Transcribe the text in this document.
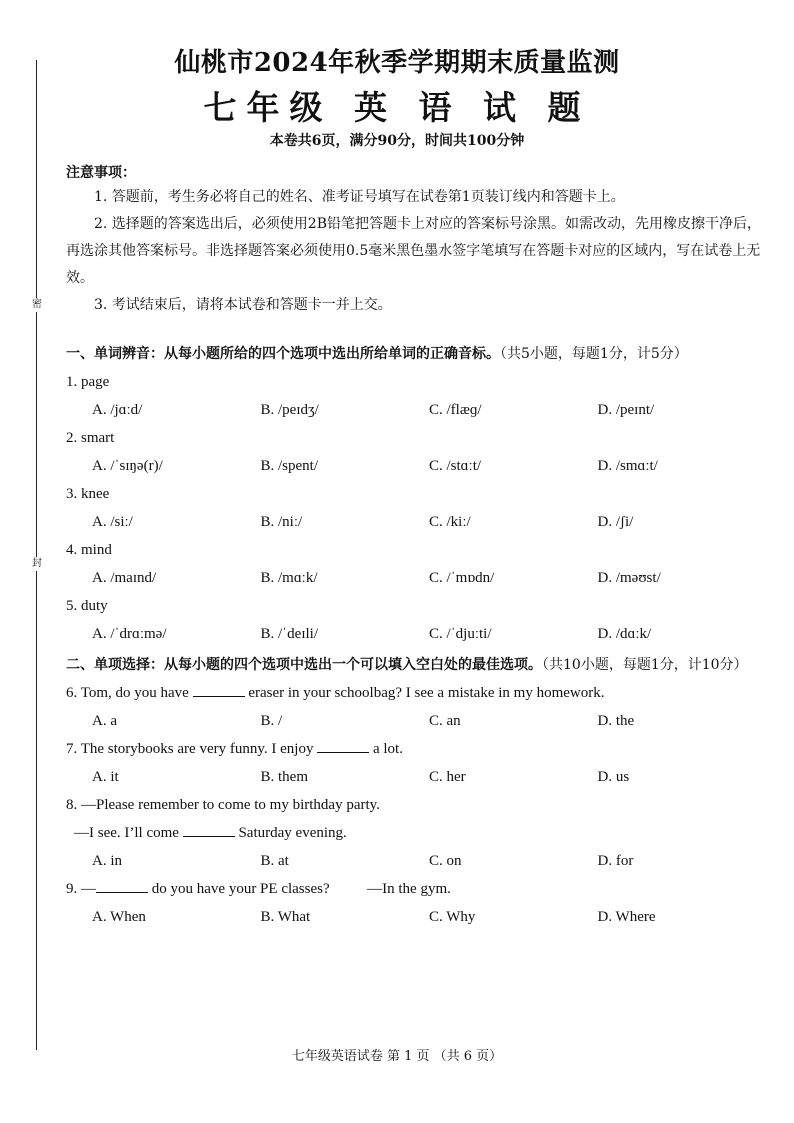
密
封
仙桃市2024年秋季学期期末质量监测
七年级 英 语 试 题
本卷共6页，满分90分，时间共100分钟
注意事项：

1. 答题前，考生务必将自己的姓名、准考证号填写在试卷第1页装订线内和答题卡上。

2. 选择题的答案选出后，必须使用2B铅笔把答题卡上对应的答案标号涂黑。如需改动，先用橡皮擦干净后，再选涂其他答案标号。非选择题答案必须使用0.5毫米黑色墨水签字笔填写在答题卡对应的区域内，写在试卷上无效。

3. 考试结束后，请将本试卷和答题卡一并上交。

一、单词辨音：从每小题所给的四个选项中选出所给单词的正确音标。（共5小题，每题1分，计5分）
1. page
A. /jɑːd/	B. /peɪdʒ/	C. /flæɡ/	D. /peɪnt/
2. smart
A. /ˈsɪŋə(r)/	B. /spent/	C. /stɑːt/	D. /smɑːt/
3. knee
A. /siː/	B. /niː/	C. /kiː/	D. /ʃi/
4. mind
A. /maɪnd/	B. /mɑːk/	C. /ˈmɒdn/	D. /məʊst/
5. duty
A. /ˈdrɑːmə/	B. /ˈdeɪli/	C. /ˈdjuːti/	D. /dɑːk/
二、单项选择：从每小题的四个选项中选出一个可以填入空白处的最佳选项。（共10小题，每题1分，计10分）
6. Tom, do you have	eraser in your schoolbag? I see a mistake in my homework.
A. a	B. /	C. an	D. the
7. The storybooks are very funny. I enjoy	a lot.
A. it	B. them	C. her	D. us
8. —Please remember to come to my birthday party.
—I see. I’ll come	Saturday evening.
A. in	B. at	C. on	D. for
9. —	do you have your PE classes?          —In the gym.
A. When	B. What	C. Why	D. Where
七年级英语试卷 第 1 页 （共 6 页）
